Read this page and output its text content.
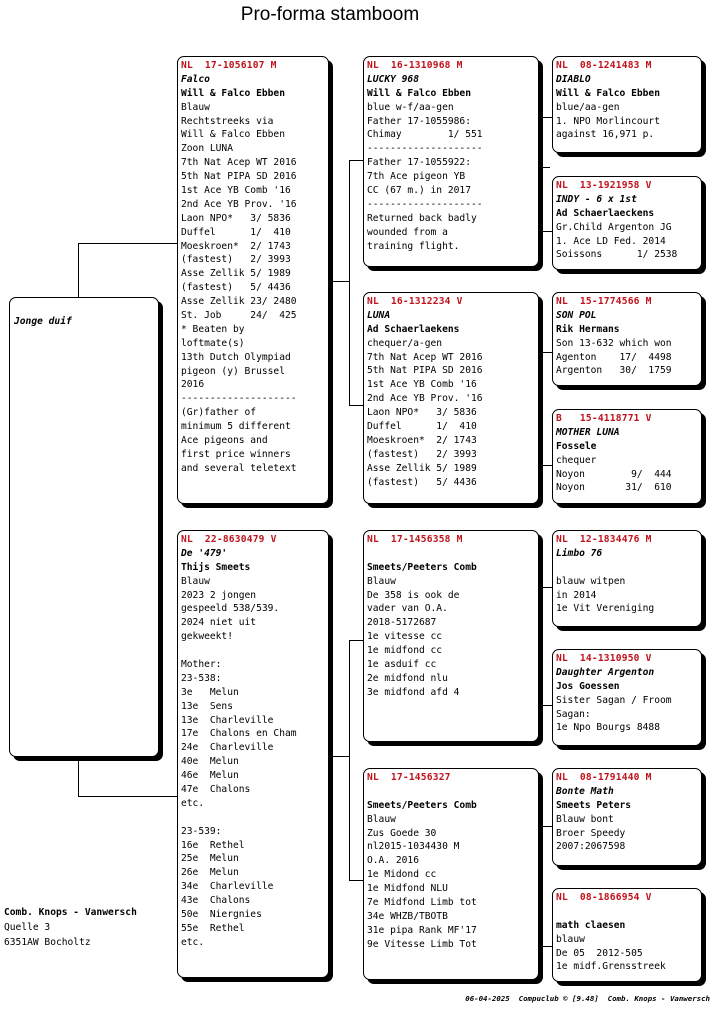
Pro-forma stamboom
Jonge duif
NL  17-1056107 M
Falco
Will & Falco Ebben
Blauw
Rechtstreeks via
Will & Falco Ebben
Zoon LUNA
7th Nat Acep WT 2016
5th Nat PIPA SD 2016
1st Ace YB Comb '16
2nd Ace YB Prov. '16
Laon NPO*   3/ 5836
Duffel      1/  410
Moeskroen*  2/ 1743
(fastest)   2/ 3993
Asse Zellik 5/ 1989
(fastest)   5/ 4436
Asse Zellik 23/ 2480
St. Job     24/  425
* Beaten by
loftmate(s)
13th Dutch Olympiad
pigeon (y) Brussel
2016
--------------------
(Gr)father of
minimum 5 different
Ace pigeons and
first price winners
and several teletext
NL  22-8630479 V
De '479'
Thijs Smeets
Blauw
2023 2 jongen
gespeeld 538/539.
2024 niet uit
gekweekt!
Mother:
23-538:
3e   Melun
13e  Sens
13e  Charleville
17e  Chalons en Cham
24e  Charleville
40e  Melun
46e  Melun
47e  Chalons
etc.
23-539:
16e  Rethel
25e  Melun
26e  Melun
34e  Charleville
43e  Chalons
50e  Niergnies
55e  Rethel
etc.
NL  16-1310968 M
LUCKY 968
Will & Falco Ebben
blue w-f/aa-gen
Father 17-1055986:
Chimay        1/ 551
--------------------
Father 17-1055922:
7th Ace pigeon YB
CC (67 m.) in 2017
--------------------
Returned back badly
wounded from a
training flight.
NL  16-1312234 V
LUNA
Ad Schaerlaekens
chequer/a-gen
7th Nat Acep WT 2016
5th Nat PIPA SD 2016
1st Ace YB Comb '16
2nd Ace YB Prov. '16
Laon NPO*   3/ 5836
Duffel      1/  410
Moeskroen*  2/ 1743
(fastest)   2/ 3993
Asse Zellik 5/ 1989
(fastest)   5/ 4436
NL  17-1456358 M
Smeets/Peeters Comb
Blauw
De 358 is ook de
vader van O.A.
2018-5172687
1e vitesse cc
1e midfond cc
1e asduif cc
2e midfond nlu
3e midfond afd 4
NL  17-1456327
Smeets/Peeters Comb
Blauw
Zus Goede 30
nl2015-1034430 M
O.A. 2016
1e Midond cc
1e Midfond NLU
7e Midfond Limb tot
34e WHZB/TBOTB
31e pipa Rank MF'17
9e Vitesse Limb Tot
NL  08-1241483 M
DIABLO
Will & Falco Ebben
blue/aa-gen
1. NPO Morlincourt
against 16,971 p.
NL  13-1921958 V
INDY - 6 x 1st
Ad Schaerlaeckens
Gr.Child Argenton JG
1. Ace LD Fed. 2014
Soissons      1/ 2538
NL  15-1774566 M
SON POL
Rik Hermans
Son 13-632 which won
Agenton    17/  4498
Argenton   30/  1759
B   15-4118771 V
MOTHER LUNA
Fossele
chequer
Noyon        9/  444
Noyon       31/  610
NL  12-1834476 M
Limbo 76
blauw witpen
in 2014
1e Vit Vereniging
NL  14-1310950 V
Daughter Argenton
Jos Goessen
Sister Sagan / Froom
Sagan:
1e Npo Bourgs 8488
NL  08-1791440 M
Bonte Math
Smeets Peters
Blauw bont
Broer Speedy
2007:2067598
NL  08-1866954 V
math claesen
blauw
De 05  2012-505
1e midf.Grensstreek
Comb. Knops - Vanwersch
Quelle 3
6351AW Bocholtz
06-04-2025 Compuclub © [9.48] Comb. Knops - Vanwersch
